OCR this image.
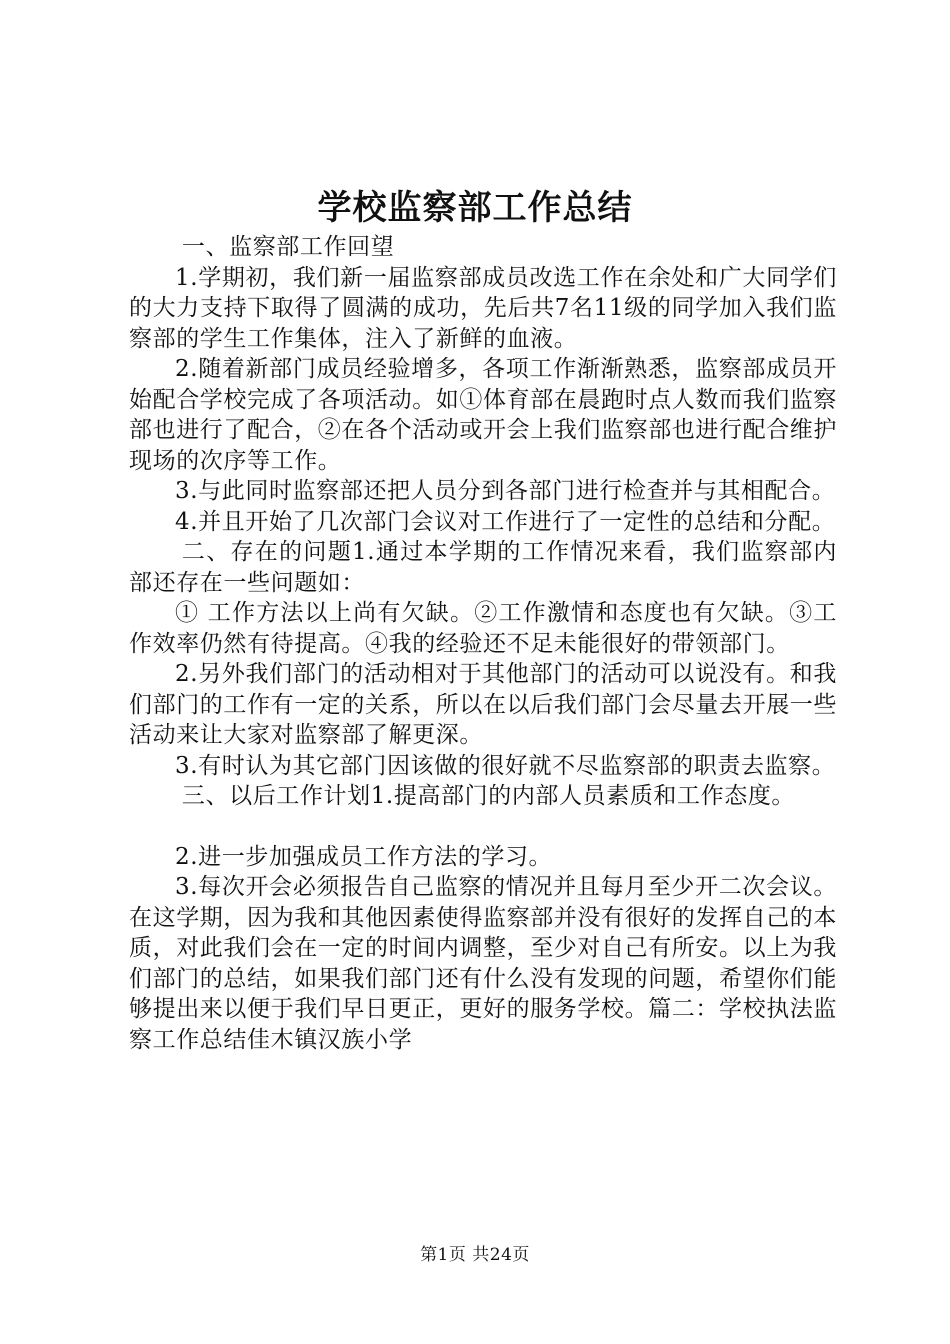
学校监察部工作总结

一、监察部工作回望

1.学期初，我们新一届监察部成员改选工作在余处和广大同学们的大力支持下取得了圆满的成功，先后共7名11级的同学加入我们监察部的学生工作集体，注入了新鲜的血液。

2.随着新部门成员经验增多，各项工作渐渐熟悉，监察部成员开始配合学校完成了各项活动。如①体育部在晨跑时点人数而我们监察部也进行了配合，②在各个活动或开会上我们监察部也进行配合维护现场的次序等工作。

3.与此同时监察部还把人员分到各部门进行检查并与其相配合。

4.并且开始了几次部门会议对工作进行了一定性的总结和分配。

二、存在的问题1.通过本学期的工作情况来看，我们监察部内部还存在一些问题如：

① 工作方法以上尚有欠缺。②工作激情和态度也有欠缺。③工作效率仍然有待提高。④我的经验还不足未能很好的带领部门。

2.另外我们部门的活动相对于其他部门的活动可以说没有。和我们部门的工作有一定的关系，所以在以后我们部门会尽量去开展一些活动来让大家对监察部了解更深。

3.有时认为其它部门因该做的很好就不尽监察部的职责去监察。

三、以后工作计划1.提高部门的内部人员素质和工作态度。

2.进一步加强成员工作方法的学习。

3.每次开会必须报告自己监察的情况并且每月至少开二次会议。在这学期，因为我和其他因素使得监察部并没有很好的发挥自己的本质，对此我们会在一定的时间内调整，至少对自己有所安。以上为我们部门的总结，如果我们部门还有什么没有发现的问题，希望你们能够提出来以便于我们早日更正，更好的服务学校。篇二：学校执法监察工作总结佳木镇汉族小学

第1页 共24页
